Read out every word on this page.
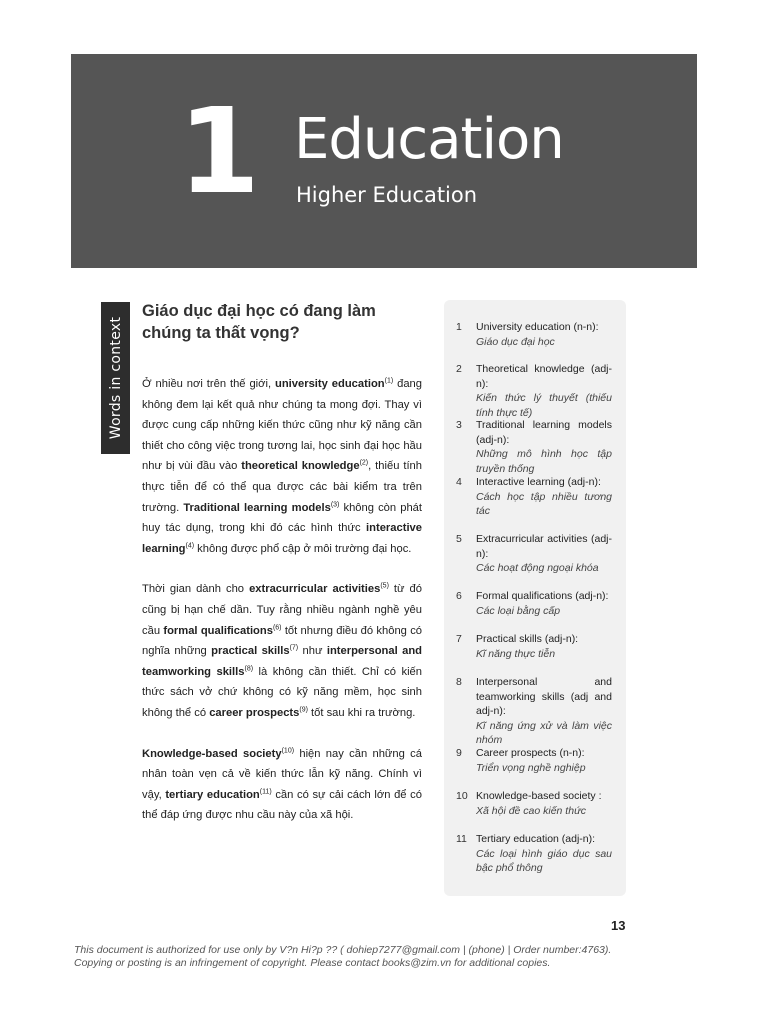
1 Education
Higher Education
Words in context
Giáo dục đại học có đang làm chúng ta thất vọng?

Ở nhiều nơi trên thế giới, university education$^{(1)}$ đang không đem lại kết quả như chúng ta mong đợi. Thay vì được cung cấp những kiến thức cũng như kỹ năng cần thiết cho công việc trong tương lai, học sinh đại học hầu như bị vùi đầu vào theoretical knowledge$^{(2)}$, thiếu tính thực tiễn để có thể qua được các bài kiểm tra trên trường. Traditional learning models$^{(3)}$ không còn phát huy tác dụng, trong khi đó các hình thức interactive learning$^{(4)}$ không được phổ cập ở môi trường đại học.

Thời gian dành cho extracurricular activities$^{(5)}$ từ đó cũng bị hạn chế dần. Tuy rằng nhiều ngành nghề yêu cầu formal qualifications$^{(6)}$ tốt nhưng điều đó không có nghĩa những practical skills$^{(7)}$ như interpersonal and teamworking skills$^{(8)}$ là không cần thiết. Chỉ có kiến thức sách vở chứ không có kỹ năng mềm, học sinh không thể có career prospects$^{(9)}$ tốt sau khi ra trường.

Knowledge-based society$^{(10)}$ hiện nay cần những cá nhân toàn vẹn cả về kiến thức lẫn kỹ năng. Chính vì vậy, tertiary education$^{(11)}$ cần có sự cải cách lớn để có thể đáp ứng được nhu cầu này của xã hội.

1	University education (n-n):
Giáo dục đại học
2	Theoretical knowledge (adj-n):
Kiến thức lý thuyết (thiếu tính thực tế)
3	Traditional learning models (adj-n):
Những mô hình học tập truyền thống
4	Interactive learning (adj-n):
Cách học tập nhiều tương tác
5	Extracurricular activities (adj-n):
Các hoạt động ngoại khóa
6	Formal qualifications (adj-n):
Các loại bằng cấp
7	Practical skills (adj-n):
Kĩ năng thực tiễn
8	Interpersonal and teamworking skills (adj and adj-n):
Kĩ năng ứng xử và làm việc nhóm
9	Career prospects (n-n):
Triển vọng nghề nghiệp
10 Knowledge-based society :
Xã hội đề cao kiến thức
11 Tertiary education (adj-n):
Các loại hình giáo dục sau bậc phổ thông
13
This document is authorized for use only by V?n Hi?p ?? ( dohiep7277@gmail.com | (phone) | Order number:4763).
Copying or posting is an infringement of copyright. Please contact books@zim.vn for additional copies.
